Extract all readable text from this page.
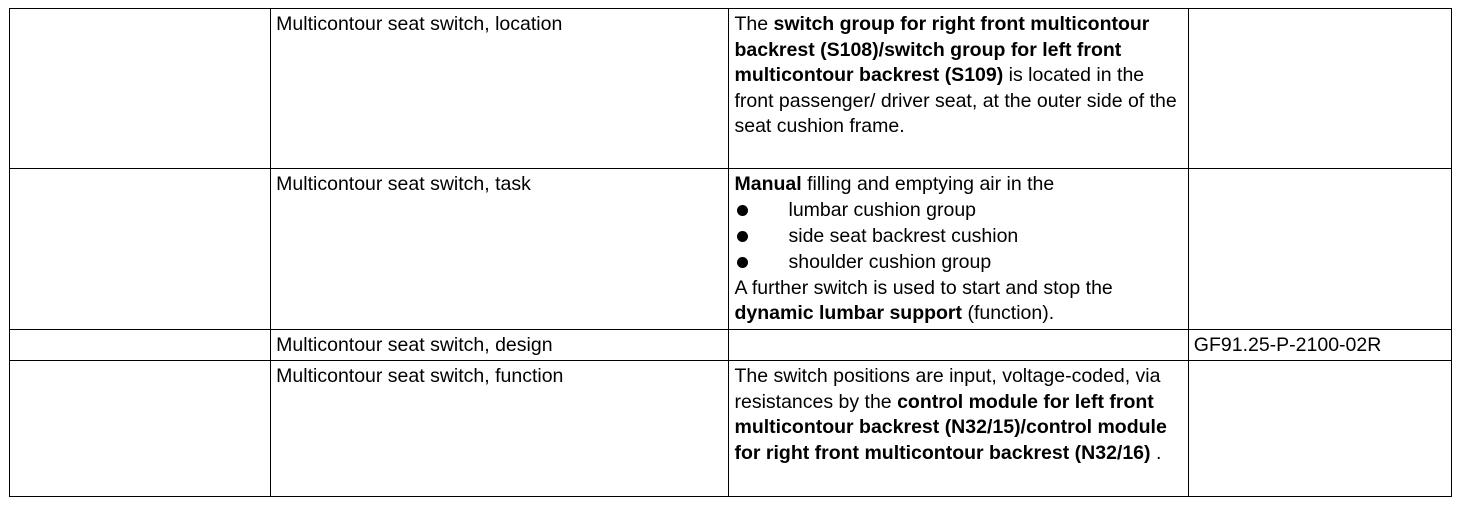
	Multicontour seat switch, location	The switch group for right front multicontour backrest (S108)/switch group for left front multicontour backrest (S109) is located in the front passenger/ driver seat, at the outer side of the seat cushion frame.	
	Multicontour seat switch, task	Manual filling and emptying air in the
lumbar cushion group
side seat backrest cushion
shoulder cushion group
A further switch is used to start and stop the dynamic lumbar support (function).	

	Multicontour seat switch, design		GF91.25-P-2100-02R
	Multicontour seat switch, function	The switch positions are input, voltage-coded, via resistances by the control module for left front multicontour backrest (N32/15)/control module for right front multicontour backrest (N32/16) .	
